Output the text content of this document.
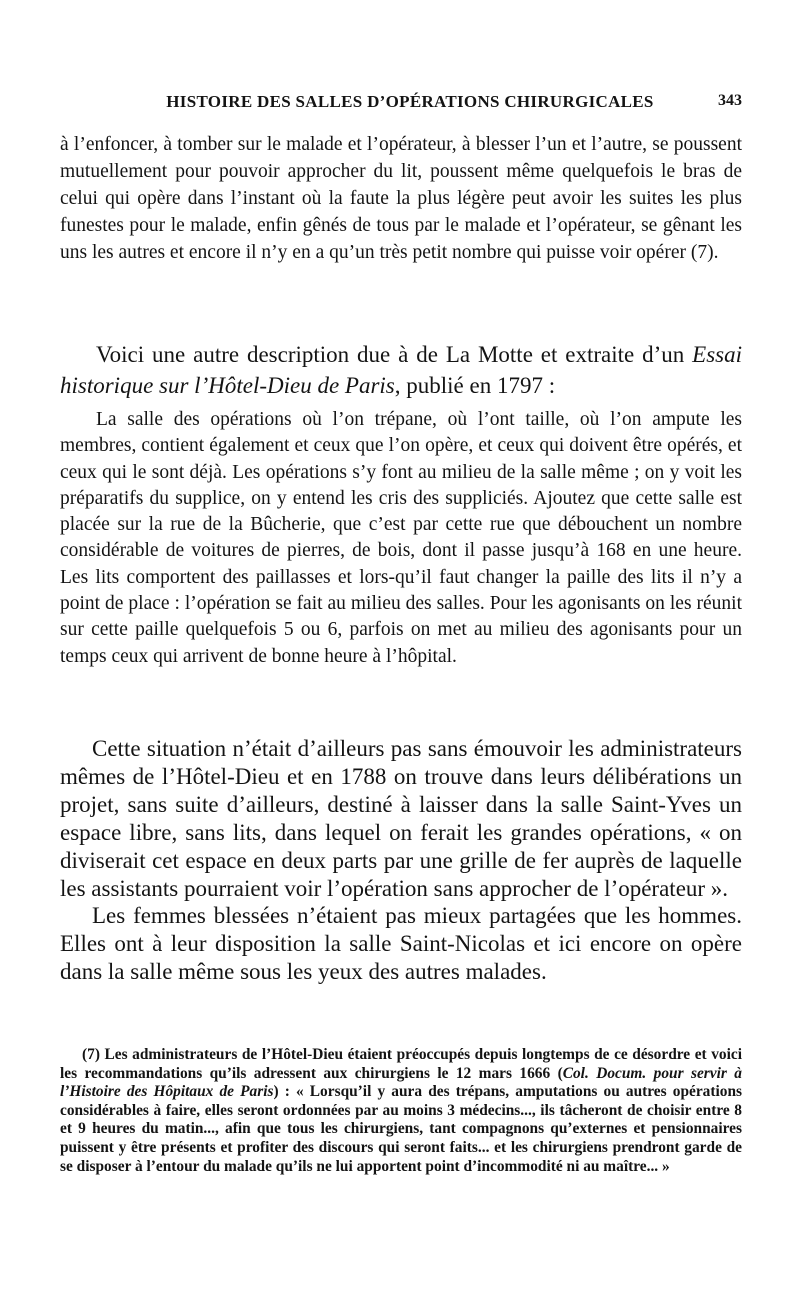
HISTOIRE DES SALLES D’OPÉRATIONS CHIRURGICALES	343

à l’enfoncer, à tomber sur le malade et l’opérateur, à blesser l’un et l’autre, se poussent mutuellement pour pouvoir approcher du lit, poussent même quelquefois le bras de celui qui opère dans l’instant où la faute la plus légère peut avoir les suites les plus funestes pour le malade, enfin gênés de tous par le malade et l’opérateur, se gênant les uns les autres et encore il n’y en a qu’un très petit nombre qui puisse voir opérer (7).

Voici une autre description due à de La Motte et extraite d’un Essai historique sur l’Hôtel-Dieu de Paris, publié en 1797 :

La salle des opérations où l’on trépane, où l’ont taille, où l’on ampute les membres, contient également et ceux que l’on opère, et ceux qui doivent être opérés, et ceux qui le sont déjà. Les opérations s’y font au milieu de la salle même ; on y voit les préparatifs du supplice, on y entend les cris des suppliciés. Ajoutez que cette salle est placée sur la rue de la Bûcherie, que c’est par cette rue que débouchent un nombre considérable de voitures de pierres, de bois, dont il passe jusqu’à 168 en une heure. Les lits comportent des paillasses et lors-qu’il faut changer la paille des lits il n’y a point de place : l’opération se fait au milieu des salles. Pour les agonisants on les réunit sur cette paille quelquefois 5 ou 6, parfois on met au milieu des agonisants pour un temps ceux qui arrivent de bonne heure à l’hôpital.

Cette situation n’était d’ailleurs pas sans émouvoir les administrateurs mêmes de l’Hôtel-Dieu et en 1788 on trouve dans leurs délibérations un projet, sans suite d’ailleurs, destiné à laisser dans la salle Saint-Yves un espace libre, sans lits, dans lequel on ferait les grandes opérations, « on diviserait cet espace en deux parts par une grille de fer auprès de laquelle les assistants pourraient voir l’opération sans approcher de l’opérateur ».

Les femmes blessées n’étaient pas mieux partagées que les hommes. Elles ont à leur disposition la salle Saint-Nicolas et ici encore on opère dans la salle même sous les yeux des autres malades.

(7) Les administrateurs de l’Hôtel-Dieu étaient préoccupés depuis longtemps de ce désordre et voici les recommandations qu’ils adressent aux chirurgiens le 12 mars 1666 (Col. Docum. pour servir à l’Histoire des Hôpitaux de Paris) : « Lorsqu’il y aura des trépans, amputations ou autres opérations considérables à faire, elles seront ordonnées par au moins 3 médecins..., ils tâcheront de choisir entre 8 et 9 heures du matin..., afin que tous les chirurgiens, tant compagnons qu’externes et pensionnaires puissent y être présents et profiter des discours qui seront faits... et les chirurgiens prendront garde de se disposer à l’entour du malade qu’ils ne lui apportent point d’incommodité ni au maître... »
